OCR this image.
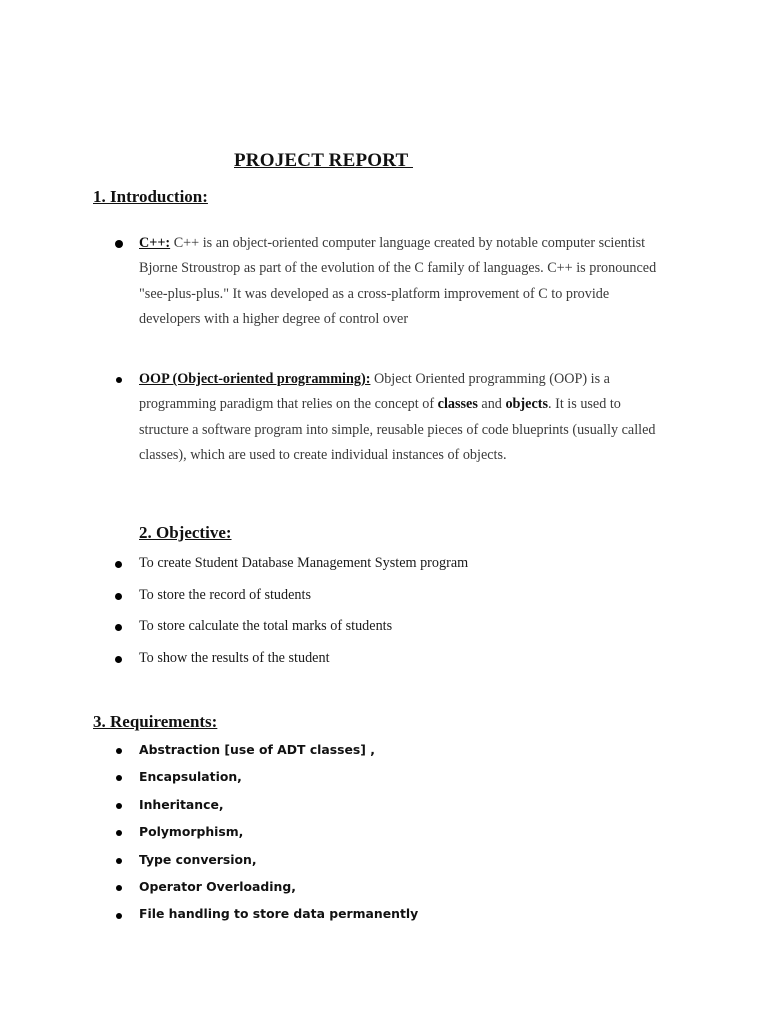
PROJECT REPORT
1. Introduction:
C++: C++ is an object-oriented computer language created by notable computer scientist Bjorne Stroustrop as part of the evolution of the C family of languages. C++ is pronounced "see-plus-plus." It was developed as a cross-platform improvement of C to provide developers with a higher degree of control over
OOP (Object-oriented programming): Object Oriented programming (OOP) is a programming paradigm that relies on the concept of classes and objects. It is used to structure a software program into simple, reusable pieces of code blueprints (usually called classes), which are used to create individual instances of objects.
2. Objective:
To create Student Database Management System program
To store the record of students
To store calculate the total marks of students
To show the results of the student
3. Requirements:
Abstraction [use of ADT classes] ,
Encapsulation,
Inheritance,
Polymorphism,
Type conversion,
Operator Overloading,
File handling to store data permanently
